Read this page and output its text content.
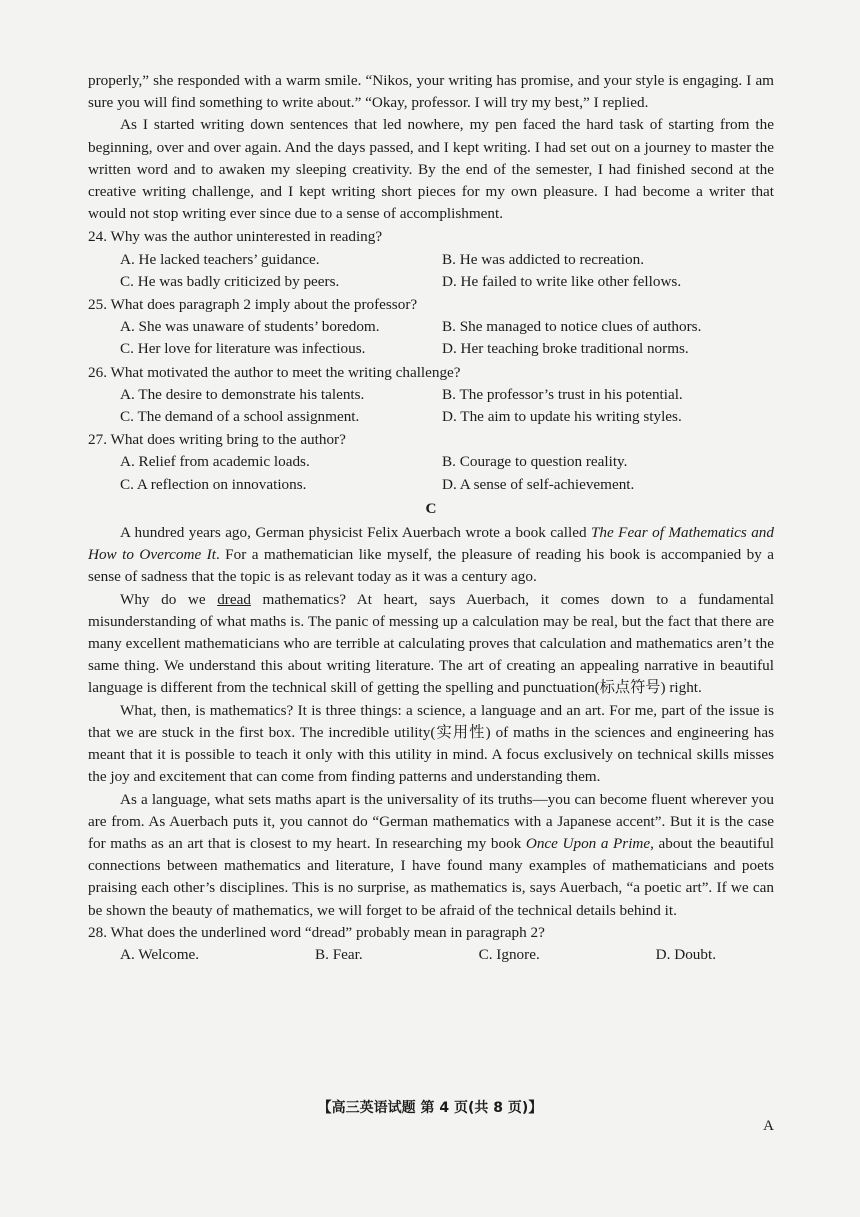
properly,” she responded with a warm smile. “Nikos, your writing has promise, and your style is engaging. I am sure you will find something to write about.” “Okay, professor. I will try my best,” I replied.

As I started writing down sentences that led nowhere, my pen faced the hard task of starting from the beginning, over and over again. And the days passed, and I kept writing. I had set out on a journey to master the written word and to awaken my sleeping creativity. By the end of the semester, I had finished second at the creative writing challenge, and I kept writing short pieces for my own pleasure. I had become a writer that would not stop writing ever since due to a sense of accomplishment.

24. Why was the author uninterested in reading?

A. He lacked teachers’ guidance.	B. He was addicted to recreation.
C. He was badly criticized by peers.	D. He failed to write like other fellows.

25. What does paragraph 2 imply about the professor?

A. She was unaware of students’ boredom.	B. She managed to notice clues of authors.
C. Her love for literature was infectious.	D. Her teaching broke traditional norms.

26. What motivated the author to meet the writing challenge?

A. The desire to demonstrate his talents.	B. The professor’s trust in his potential.
C. The demand of a school assignment.	D. The aim to update his writing styles.

27. What does writing bring to the author?

A. Relief from academic loads.	B. Courage to question reality.
C. A reflection on innovations.	D. A sense of self-achievement.
C

A hundred years ago, German physicist Felix Auerbach wrote a book called The Fear of Mathematics and How to Overcome It. For a mathematician like myself, the pleasure of reading his book is accompanied by a sense of sadness that the topic is as relevant today as it was a century ago.

Why do we dread mathematics? At heart, says Auerbach, it comes down to a fundamental misunderstanding of what maths is. The panic of messing up a calculation may be real, but the fact that there are many excellent mathematicians who are terrible at calculating proves that calculation and mathematics aren’t the same thing. We understand this about writing literature. The art of creating an appealing narrative in beautiful language is different from the technical skill of getting the spelling and punctuation(标点符号) right.

What, then, is mathematics? It is three things: a science, a language and an art. For me, part of the issue is that we are stuck in the first box. The incredible utility(实用性) of maths in the sciences and engineering has meant that it is possible to teach it only with this utility in mind. A focus exclusively on technical skills misses the joy and excitement that can come from finding patterns and understanding them.

As a language, what sets maths apart is the universality of its truths—you can become fluent wherever you are from. As Auerbach puts it, you cannot do “German mathematics with a Japanese accent”. But it is the case for maths as an art that is closest to my heart. In researching my book Once Upon a Prime, about the beautiful connections between mathematics and literature, I have found many examples of mathematicians and poets praising each other’s disciplines. This is no surprise, as mathematics is, says Auerbach, “a poetic art”. If we can be shown the beauty of mathematics, we will forget to be afraid of the technical details behind it.

28. What does the underlined word “dread” probably mean in paragraph 2?

A. Welcome.	B. Fear.	C. Ignore.	D. Doubt.
【高三英语试题 第 4 页(共 8 页)】
A
